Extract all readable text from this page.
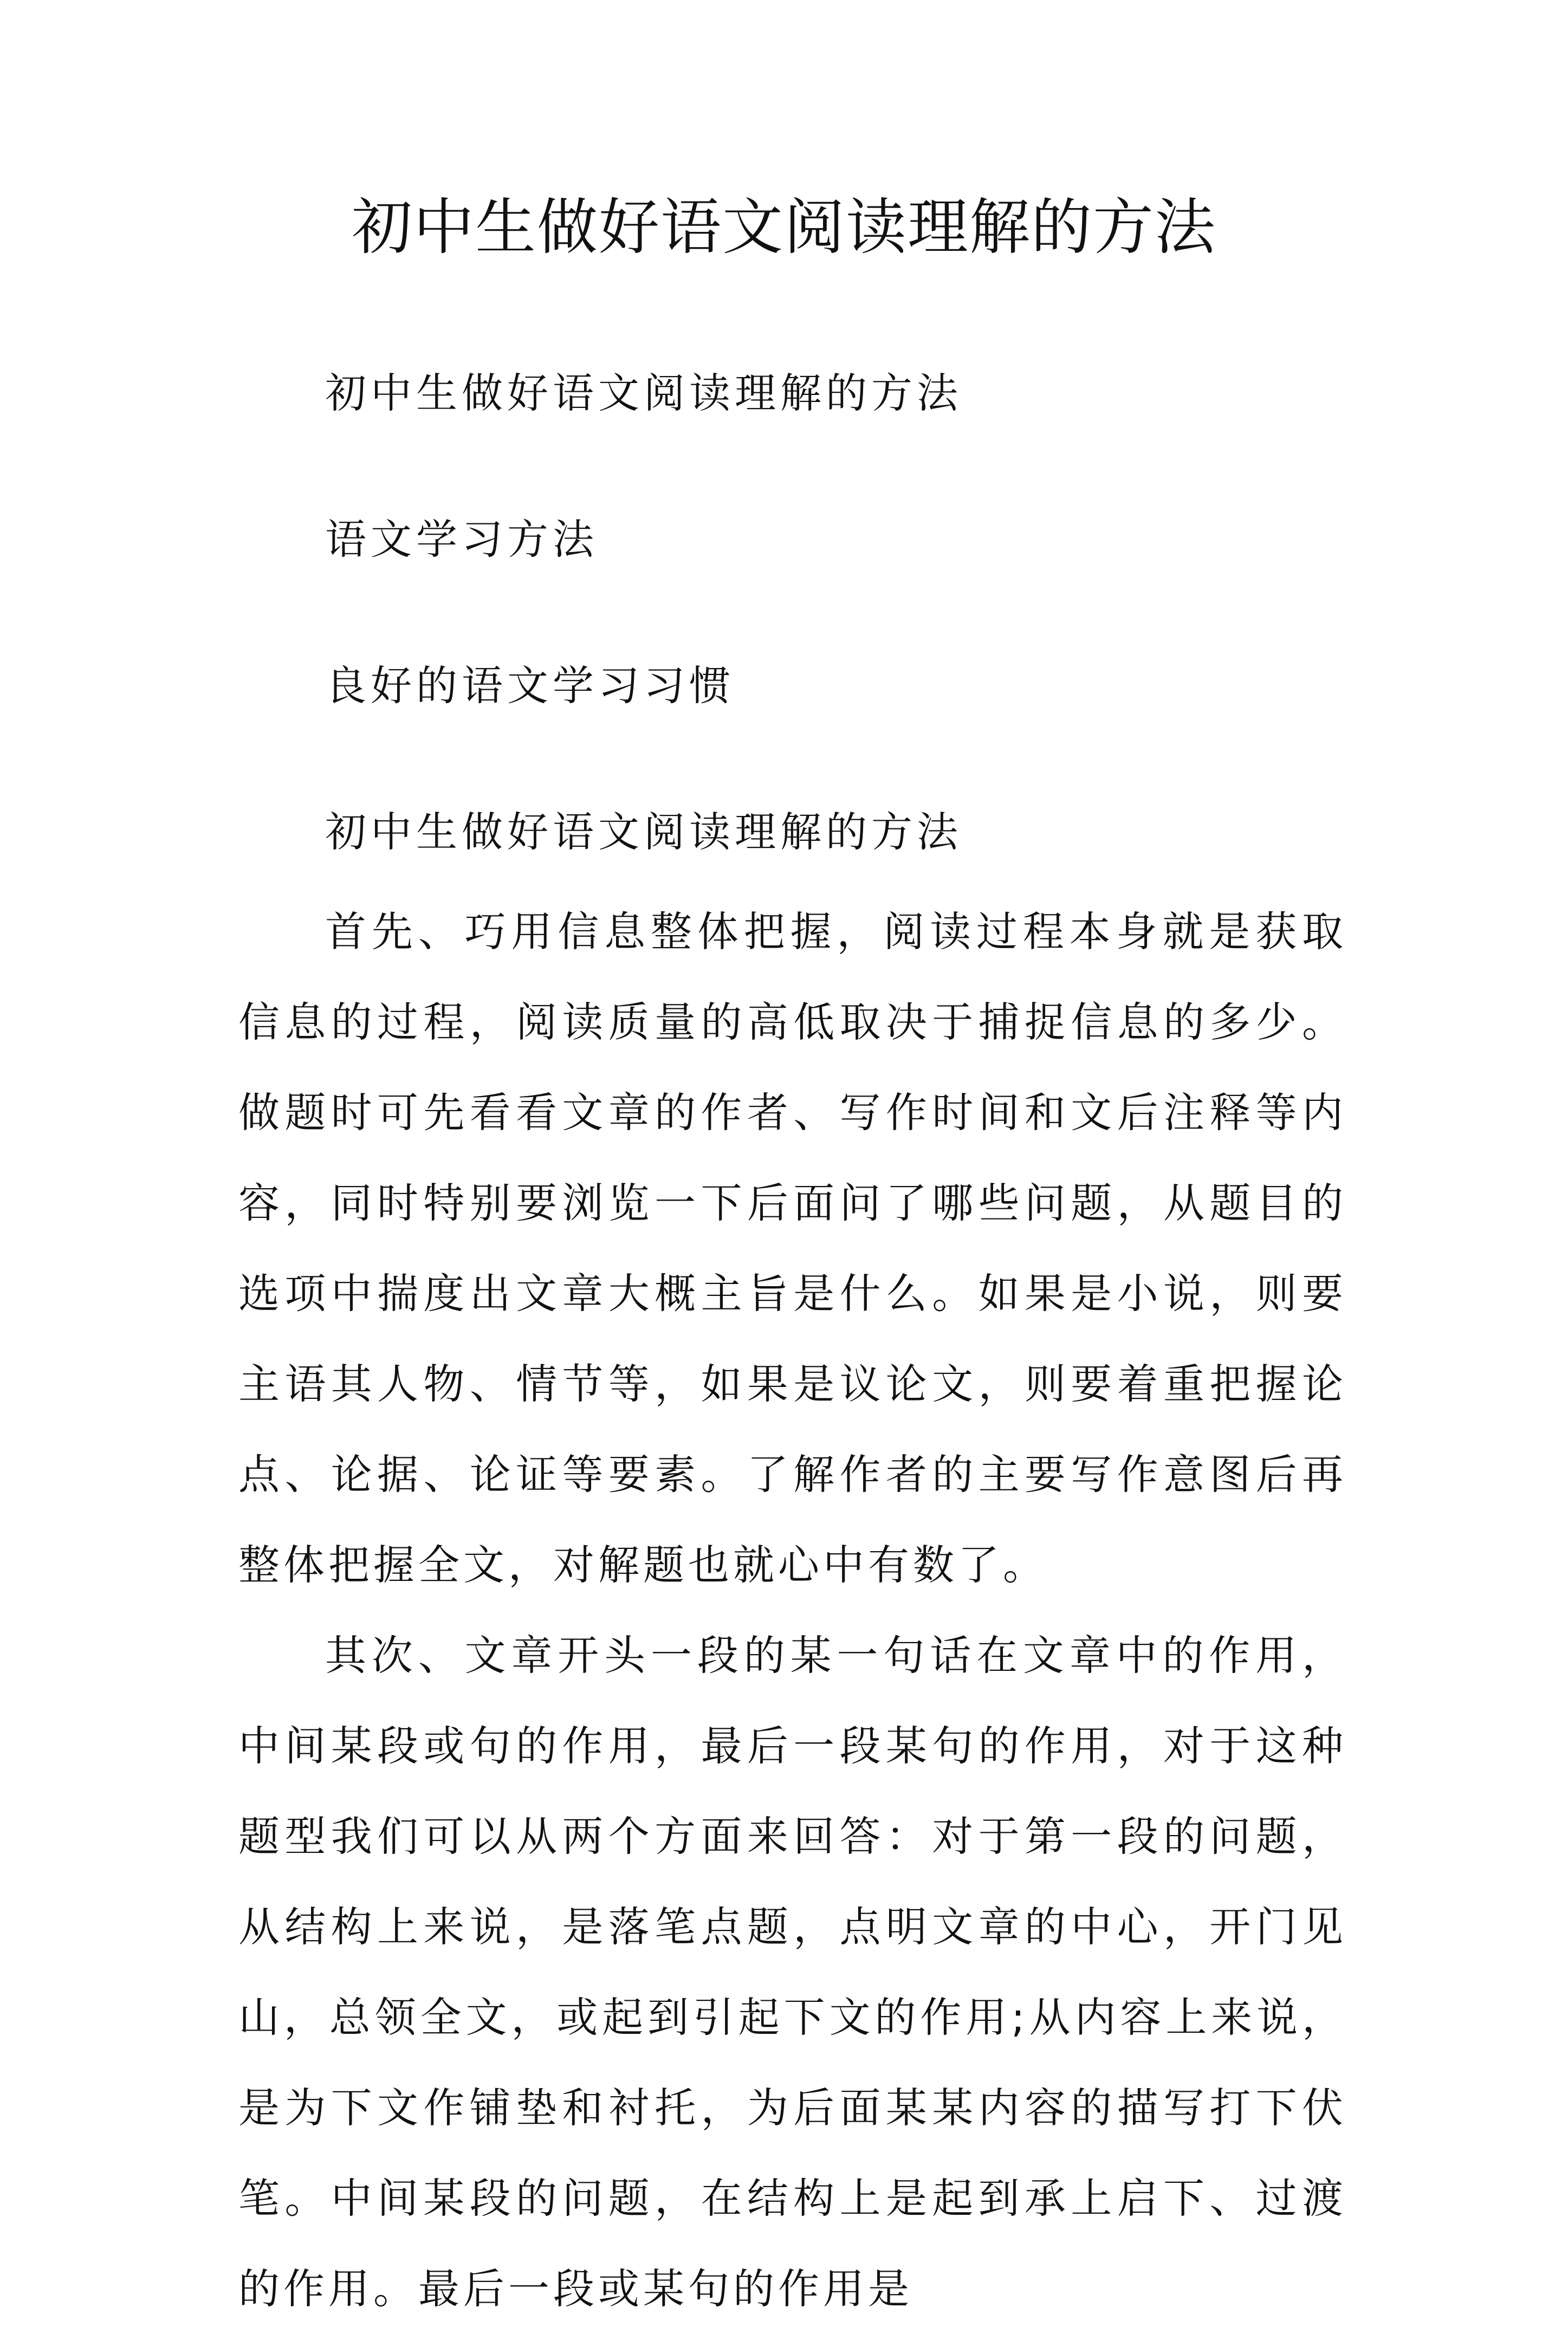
初中生做好语文阅读理解的方法

初中生做好语文阅读理解的方法

语文学习方法

良好的语文学习习惯

初中生做好语文阅读理解的方法

首先、巧用信息整体把握，阅读过程本身就是获取信息的过程，阅读质量的高低取决于捕捉信息的多少。做题时可先看看文章的作者、写作时间和文后注释等内容，同时特别要浏览一下后面问了哪些问题，从题目的选项中揣度出文章大概主旨是什么。如果是小说，则要主语其人物、情节等，如果是议论文，则要着重把握论点、论据、论证等要素。了解作者的主要写作意图后再整体把握全文，对解题也就心中有数了。

其次、文章开头一段的某一句话在文章中的作用，中间某段或句的作用，最后一段某句的作用，对于这种题型我们可以从两个方面来回答：对于第一段的问题，从结构上来说，是落笔点题，点明文章的中心，开门见山，总领全文，或起到引起下文的作用;从内容上来说，是为下文作铺垫和衬托，为后面某某内容的描写打下伏笔。中间某段的问题，在结构上是起到承上启下、过渡的作用。最后一段或某句的作用是
